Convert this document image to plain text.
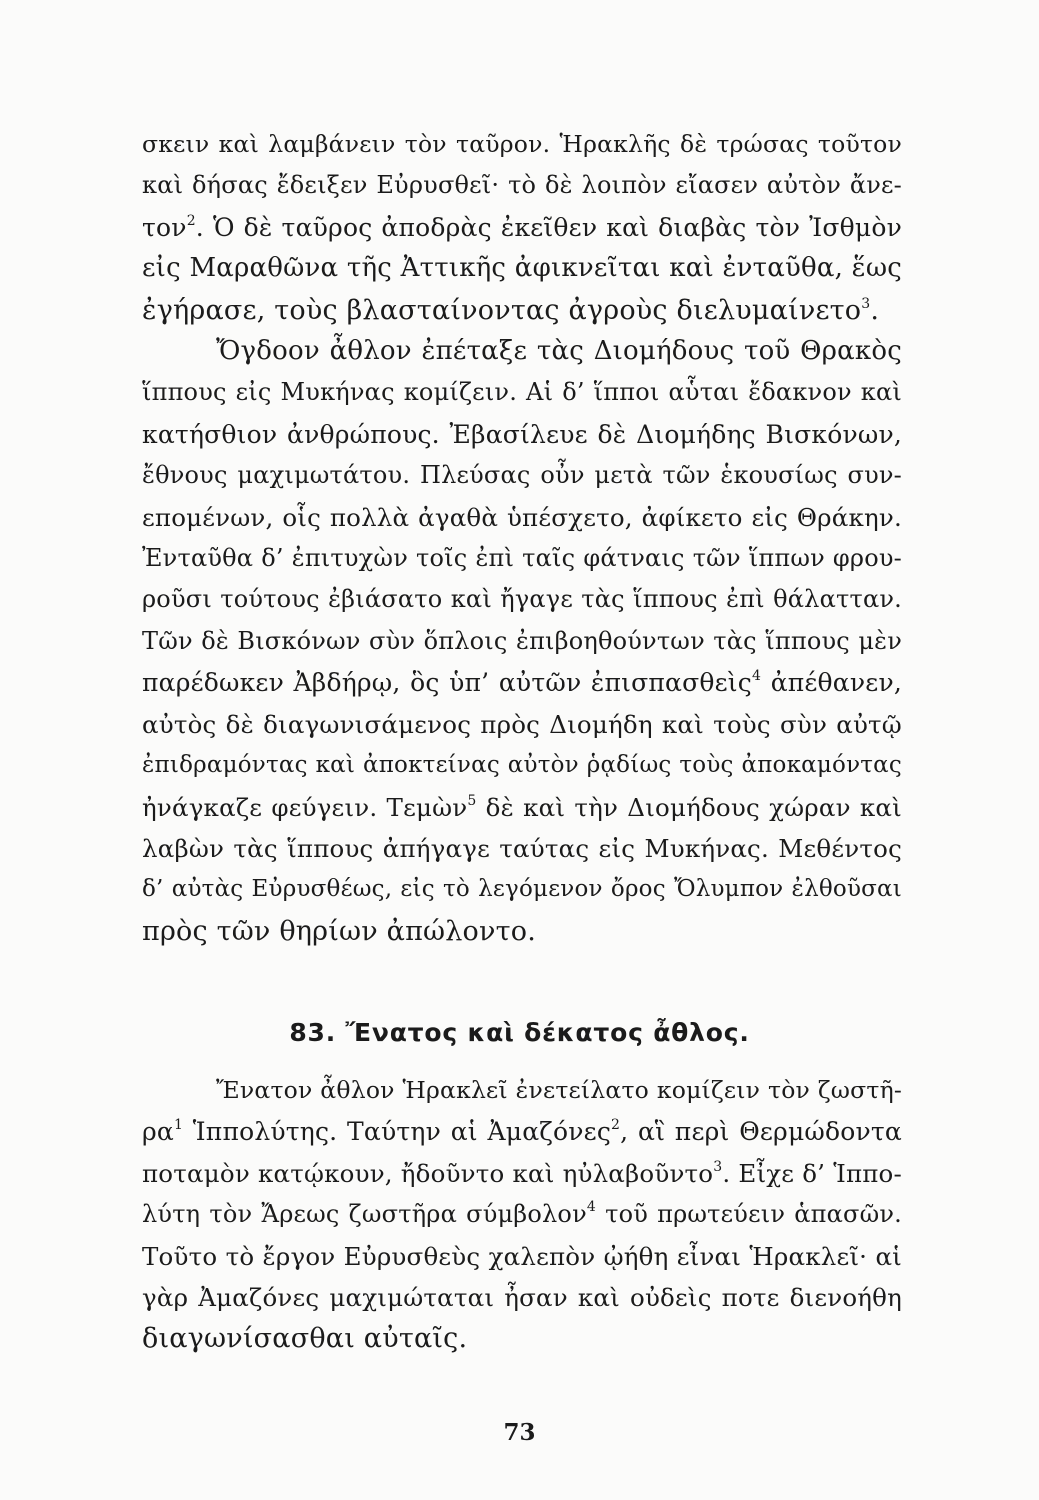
σκειν καὶ λαμβάνειν τὸν ταῦρον. Ἡρακλῆς δὲ τρώσας τοῦτον
καὶ δήσας ἔδειξεν Εὐρυσθεῖ· τὸ δὲ λοιπὸν εἴασεν αὐτὸν ἄνε-
τον$^2$. Ὁ δὲ ταῦρος ἀποδρὰς ἐκεῖθεν καὶ διαβὰς τὸν Ἰσθμὸν
εἰς Μαραθῶνα τῆς Ἀττικῆς ἀφικνεῖται καὶ ἐνταῦθα, ἕως
ἐγήρασε, τοὺς βλασταίνοντας ἀγροὺς διελυμαίνετο$^3$.
Ὄγδοον ἆθλον ἐπέταξε τὰς Διομήδους τοῦ Θρακὸς
ἵππους εἰς Μυκήνας κομίζειν. Αἱ δ’ ἵπποι αὗται ἔδακνον καὶ
κατήσθιον ἀνθρώπους. Ἐβασίλευε δὲ Διομήδης Βισκόνων,
ἔθνους μαχιμωτάτου. Πλεύσας οὖν μετὰ τῶν ἑκουσίως συν-
επομένων, οἷς πολλὰ ἀγαθὰ ὑπέσχετο, ἀφίκετο εἰς Θράκην.
Ἐνταῦθα δ’ ἐπιτυχὼν τοῖς ἐπὶ ταῖς φάτναις τῶν ἵππων φρου-
ροῦσι τούτους ἐβιάσατο καὶ ἤγαγε τὰς ἵππους ἐπὶ θάλατταν.
Τῶν δὲ Βισκόνων σὺν ὅπλοις ἐπιβοηθούντων τὰς ἵππους μὲν
παρέδωκεν Ἀβδήρῳ, ὃς ὑπ’ αὐτῶν ἐπισπασθεὶς$^4$ ἀπέθανεν,
αὐτὸς δὲ διαγωνισάμενος πρὸς Διομήδη καὶ τοὺς σὺν αὐτῷ
ἐπιδραμόντας καὶ ἀποκτείνας αὐτὸν ῥᾳδίως τοὺς ἀποκαμόντας
ἠνάγκαζε φεύγειν. Τεμὼν$^5$ δὲ καὶ τὴν Διομήδους χώραν καὶ
λαβὼν τὰς ἵππους ἀπήγαγε ταύτας εἰς Μυκήνας. Μεθέντος
δ’ αὐτὰς Εὐρυσθέως, εἰς τὸ λεγόμενον ὄρος Ὄλυμπον ἐλθοῦσαι
πρὸς τῶν θηρίων ἀπώλοντο.
83. Ἔνατος καὶ δέκατος ἆθλος.
Ἔνατον ἆθλον Ἡρακλεῖ ἐνετείλατο κομίζειν τὸν ζωστῆ-
$\rho\alpha^1$ Ἱππολύτης. Ταύτην αἱ Ἀμαζόνες$^2$, αἳ περὶ Θερμώδοντα
ποταμὸν κατῴκουν, ἤδοῦντο καὶ ηὐλαβοῦντο$^3$. Εἶχε δ’ Ἱππο-
λύτη τὸν Ἄρεως ζωστῆρα σύμβολον$^4$ τοῦ πρωτεύειν ἁπασῶν.
Τοῦτο τὸ ἔργον Εὐρυσθεὺς χαλεπὸν ᾠήθη εἶναι Ἡρακλεῖ· αἱ
γὰρ Ἀμαζόνες μαχιμώταται ἦσαν καὶ οὐδεὶς ποτε διενοήθη
διαγωνίσασθαι αὐταῖς.
73
